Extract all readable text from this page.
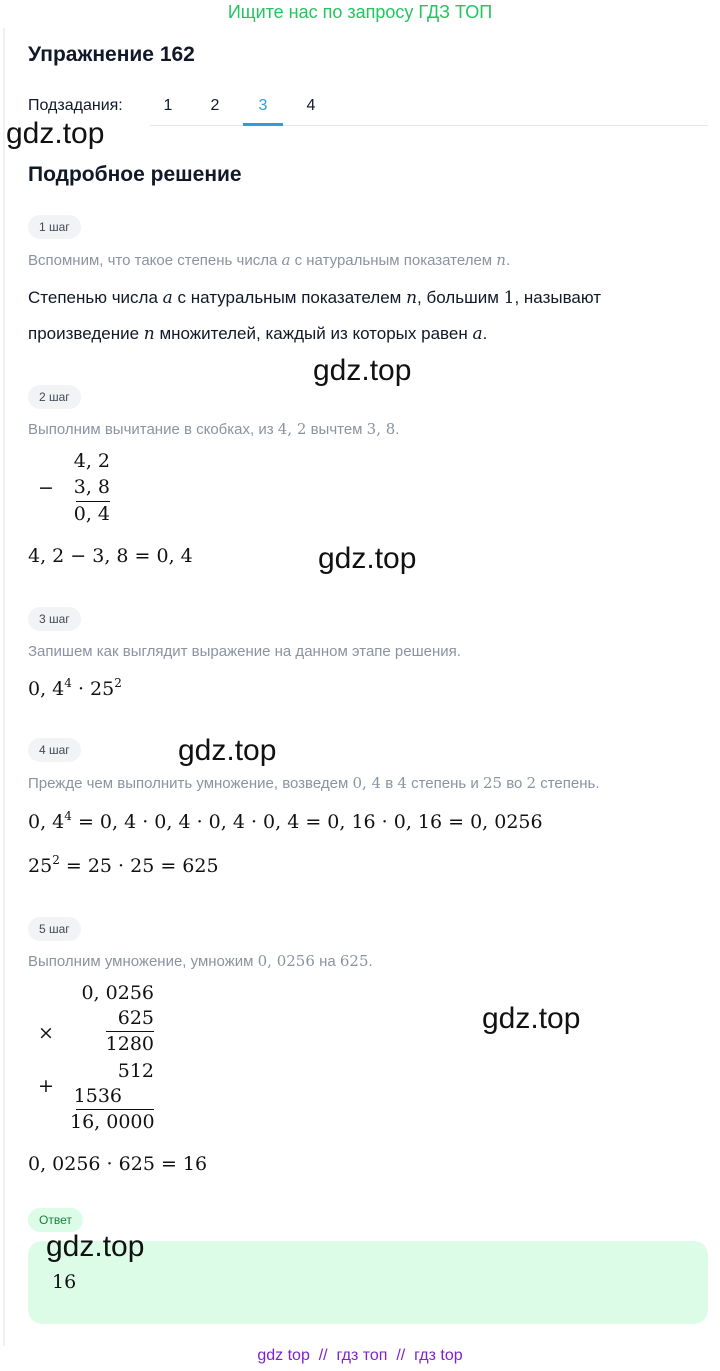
Ищите нас по запросу ГДЗ ТОП
Упражнение 162
Подзадания:	1	2	3	4
gdz.top
Подробное решение
1 шаг
Вспомним, что такое степень числа a с натуральным показателем n.
Степенью числа a с натуральным показателем n, большим 1, называют
произведение n множителей, каждый из которых равен a.
gdz.top
2 шаг
Выполним вычитание в скобках, из 4, 2 вычтем 3, 8.
−
4, 2
3, 8
0, 4
4, 2 − 3, 8 = 0, 4	gdz.top
3 шаг
Запишем как выглядит выражение на данном этапе решения.
0, $4^4 \cdot 25^2$
4 шаг	gdz.top
Прежде чем выполнить умножение, возведем 0, 4 в 4 степень и 25 во 2 степень.
0, $4^4 = 0$, 4 · 0, 4 · 0, 4 · 0, 4 = 0, 16 · 0, 16 = 0, 0256
$25^2 = 25 \cdot 25 = 625$
5 шаг
Выполним умножение, умножим 0, 0256 на 625.
×
0, 0256
625
1280
+
512
1536
16, 0000
0, 0256 · 625 = 16
gdz.top
Ответ
gdz.top
16
gdz top // гдз топ // гдз top
